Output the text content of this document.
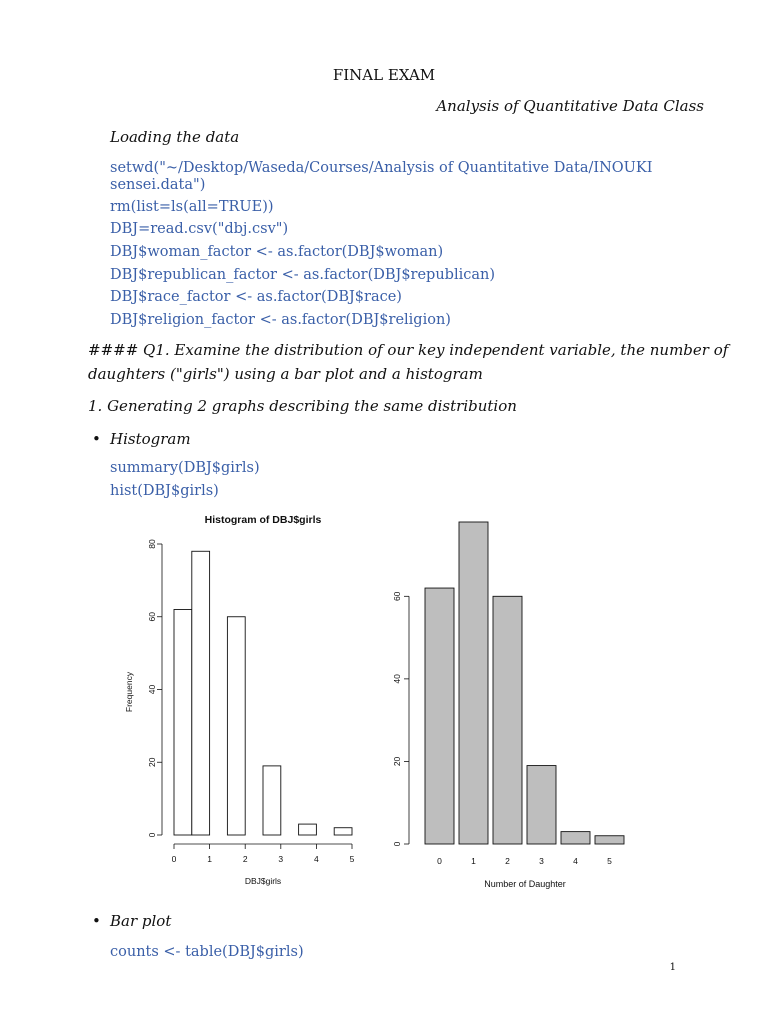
FINAL EXAM
Analysis of Quantitative Data Class
Loading the data
setwd("~/Desktop/Waseda/Courses/Analysis of Quantitative Data/INOUKI
sensei.data")
rm(list=ls(all=TRUE))
DBJ=read.csv("dbj.csv")
DBJ$woman_factor <- as.factor(DBJ$woman)
DBJ$republican_factor <- as.factor(DBJ$republican)
DBJ$race_factor <- as.factor(DBJ$race)
DBJ$religion_factor <- as.factor(DBJ$religion)
#### Q1. Examine the distribution of our key independent variable, the number of
daughters ("girls") using a bar plot and a histogram
1. Generating 2 graphs describing the same distribution
• Histogram
summary(DBJ$girls)
hist(DBJ$girls)
Histogram of DBJ$girls
Frequency
DBJ$girls
0	1	2	3	4	5
0
20
40
60
80
Number of Daughter
0	1	2	3	4	5
0
20
40
60
• Bar plot
counts <- table(DBJ$girls)
1
